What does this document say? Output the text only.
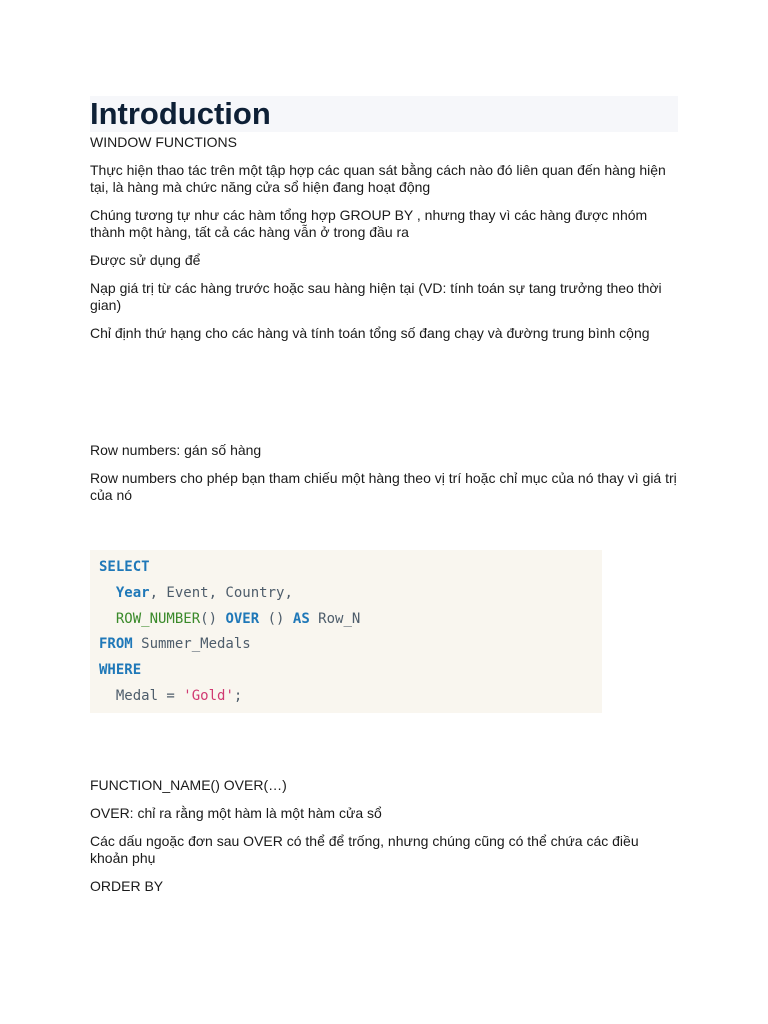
Introduction

WINDOW FUNCTIONS

Thực hiện thao tác trên một tập hợp các quan sát bằng cách nào đó liên quan đến hàng hiện tại, là hàng mà chức năng cửa sổ hiện đang hoạt động

Chúng tương tự như các hàm tổng hợp GROUP BY , nhưng thay vì các hàng được nhóm thành một hàng, tất cả các hàng vẫn ở trong đầu ra

Được sử dụng để

Nạp giá trị từ các hàng trước hoặc sau hàng hiện tại (VD: tính toán sự tang trưởng theo thời gian)

Chỉ định thứ hạng cho các hàng và tính toán tổng số đang chạy và đường trung bình cộng

Row numbers: gán số hàng

Row numbers cho phép bạn tham chiếu một hàng theo vị trí hoặc chỉ mục của nó thay vì giá trị của nó

SELECT
Year, Event, Country,
ROW_NUMBER() OVER () AS Row_N
FROM Summer_Medals
WHERE
Medal = 'Gold';

FUNCTION_NAME() OVER(…)

OVER: chỉ ra rằng một hàm là một hàm cửa sổ

Các dấu ngoặc đơn sau OVER có thể để trống, nhưng chúng cũng có thể chứa các điều khoản phụ

ORDER BY
